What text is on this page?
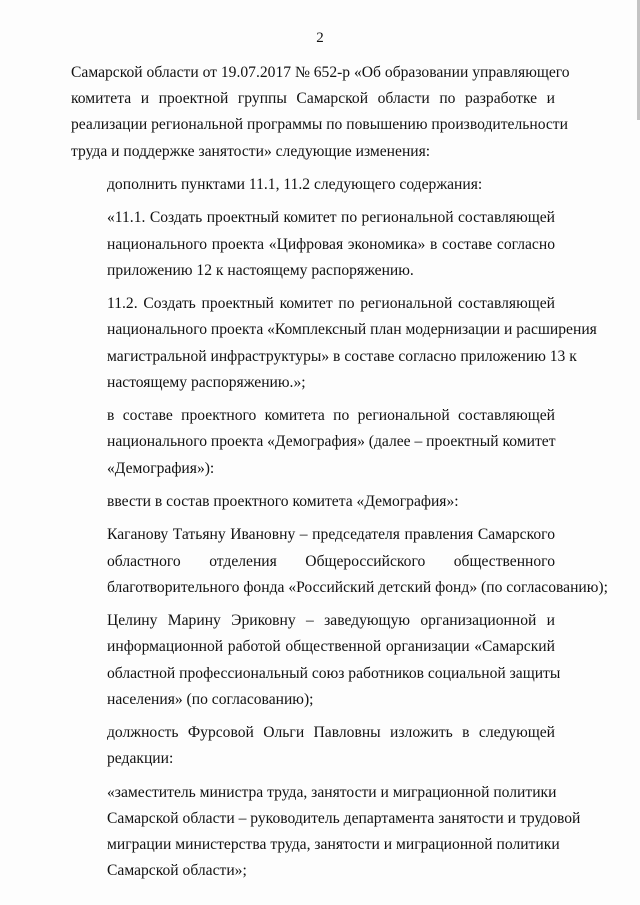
2

Самарской области от 19.07.2017 № 652-р «Об образовании управляющего
комитета и проектной группы Самарской области по разработке и
реализации региональной программы по повышению производительности
труда и поддержке занятости» следующие изменения:

дополнить пунктами 11.1, 11.2 следующего содержания:

«11.1. Создать проектный комитет по региональной составляющей
национального проекта «Цифровая экономика» в составе согласно
приложению 12 к настоящему распоряжению.

11.2. Создать проектный комитет по региональной составляющей
национального проекта «Комплексный план модернизации и расширения
магистральной инфраструктуры» в составе согласно приложению 13 к
настоящему распоряжению.»;

в составе проектного комитета по региональной составляющей
национального проекта «Демография» (далее – проектный комитет
«Демография»):

ввести в состав проектного комитета «Демография»:

Каганову Татьяну Ивановну – председателя правления Самарского
областного отделения Общероссийского общественного
благотворительного фонда «Российский детский фонд» (по согласованию);

Целину Марину Эриковну – заведующую организационной и
информационной работой общественной организации «Самарский
областной профессиональный союз работников социальной защиты
населения» (по согласованию);

должность Фурсовой Ольги Павловны изложить в следующей
редакции:

«заместитель министра труда, занятости и миграционной политики
Самарской области – руководитель департамента занятости и трудовой
миграции министерства труда, занятости и миграционной политики
Самарской области»;
